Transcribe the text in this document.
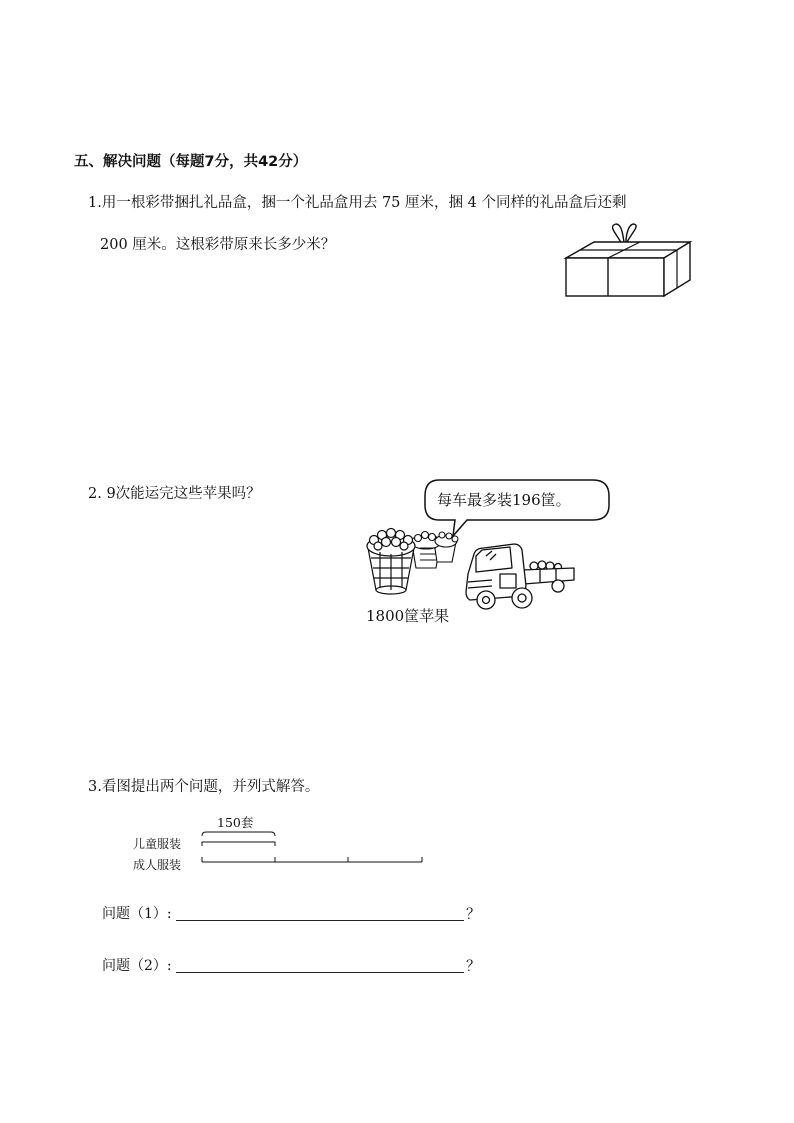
五、解决问题（每题7分，共42分）
1.用一根彩带捆扎礼品盒，捆一个礼品盒用去 75 厘米，捆 4 个同样的礼品盒后还剩
200 厘米。这根彩带原来长多少米？
2. 9次能运完这些苹果吗？	每车最多装196筐。
1800筐苹果
3.看图提出两个问题，并列式解答。
150套
儿童服装
成人服装
问题（1）:	？
问题（2）:	？
